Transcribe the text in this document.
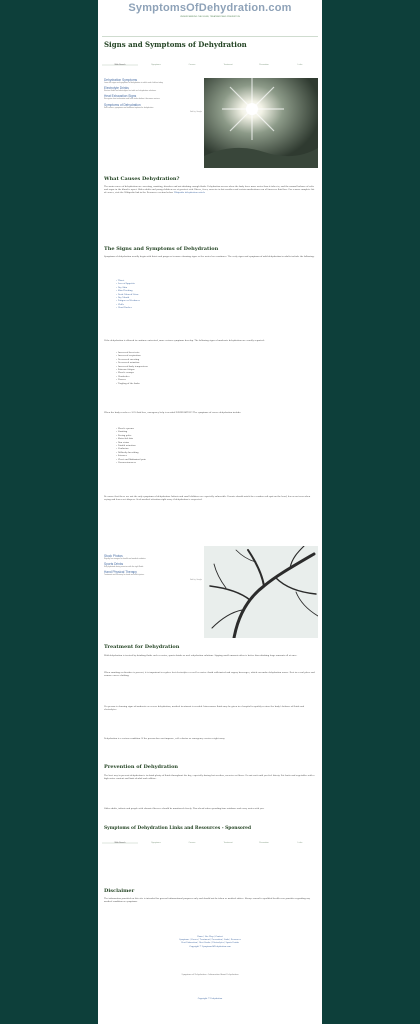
SymptomsOfDehydration.com
UNDERSTANDING THE SIGNS, TREATMENT AND PREVENTION
Signs and Symptoms of Dehydration
Web Search	Symptoms	Causes	Treatment	Prevention	Links
Dehydration Symptoms
Learn the signs and symptoms of dehydration in adults and children today.
Electrolyte Drinks
Restore fluids and electrolytes fast with oral rehydration solutions.
Heat Exhaustion Signs
Recognize heat exhaustion and heat stroke before it becomes serious.
Symptoms of Dehydration
Find causes, symptoms and treatment options for dehydration.
Ads by Google
What Causes Dehydration?
The main causes of dehydration are sweating, vomiting, diarrhea and not drinking enough fluids. Dehydration occurs when the body loses more water than it takes in, and the normal balance of salts and sugar in the blood is upset. Older adults and young children are at greatest risk. Illness, fever, exercise in hot weather and certain medications can all increase fluid loss. For a more complete list of causes, visit the Wikipedia link in the Resources section below. Wikipedia dehydration article
The Signs and Symptoms of Dehydration
Symptoms of dehydration usually begin with thirst and progress to more alarming signs as the water loss continues. The early signs and symptoms of mild dehydration in adults include the following:
• Thirst
• Loss of Appetite
• Dry Skin
• Skin Flushing
• Dark Colored Urine
• Dry Mouth
• Fatigue or Weakness
• Chills
• Head Rushes
If the dehydration is allowed to continue untreated, more serious symptoms develop. The following signs of moderate dehydration are usually reported:
• Increased heart rate
• Increased respiration
• Decreased sweating
• Decreased urination
• Increased body temperature
• Extreme fatigue
• Muscle cramps
• Headaches
• Nausea
• Tingling of the limbs
When the body reaches a 10% fluid loss, emergency help is needed IMMEDIATELY! The symptoms of severe dehydration include:
• Muscle spasms
• Vomiting
• Racing pulse
• Shriveled skin
• Dim vision
• Painful urination
• Confusion
• Difficulty breathing
• Seizures
• Chest and Abdominal pain
• Unconsciousness
Be aware that these are not the only symptoms of dehydration. Infants and small children are especially vulnerable. Parents should watch for a sunken soft spot on the head, few or no tears when crying and fewer wet diapers. Seek medical attention right away if dehydration is suspected.
Stock Photos
Royalty free images for health and medical websites.
Sports Drinks
Stay hydrated during exercise with the right fluids.
Hand Physical Therapy
Treatment and recovery for hand and wrist injuries.
Ads by Google
Treatment for Dehydration
Mild dehydration is treated by drinking fluids such as water, sports drinks or oral rehydration solutions. Sipping small amounts often is better than drinking large amounts all at once.
When vomiting or diarrhea is present, it is important to replace lost electrolytes as well as water. Avoid caffeinated and sugary beverages, which can make dehydration worse. Rest in a cool place and remove excess clothing.
If a person is showing signs of moderate or severe dehydration, medical treatment is needed. Intravenous fluids may be given in a hospital to quickly restore the body's balance of fluids and electrolytes.
Dehydration is a serious condition. If the person does not improve, call a doctor or emergency services right away.
Prevention of Dehydration
The best way to prevent dehydration is to drink plenty of fluids throughout the day, especially during hot weather, exercise or illness. Do not wait until you feel thirsty. Eat fruits and vegetables with a high water content and limit alcohol and caffeine.
Older adults, infants and people with chronic illnesses should be monitored closely. Plan ahead when spending time outdoors and carry water with you.
Symptoms of Dehydration Links and Resources - Sponsored
Web Search	Symptoms	Causes	Treatment	Prevention	Links
Disclaimer
The information provided on this site is intended for general informational purposes only and should not be taken as medical advice. Always consult a qualified health care provider regarding any medical condition or symptoms.
Home | Site Map | Contact
Symptoms | Causes | Treatment | Prevention | Links | Resources
Heat Exhaustion | Heat Stroke | Electrolytes | Sports Drinks
Copyright © SymptomsOfDehydration.com
Symptoms of Dehydration - Information About Dehydration
Copyright © Dehydration
